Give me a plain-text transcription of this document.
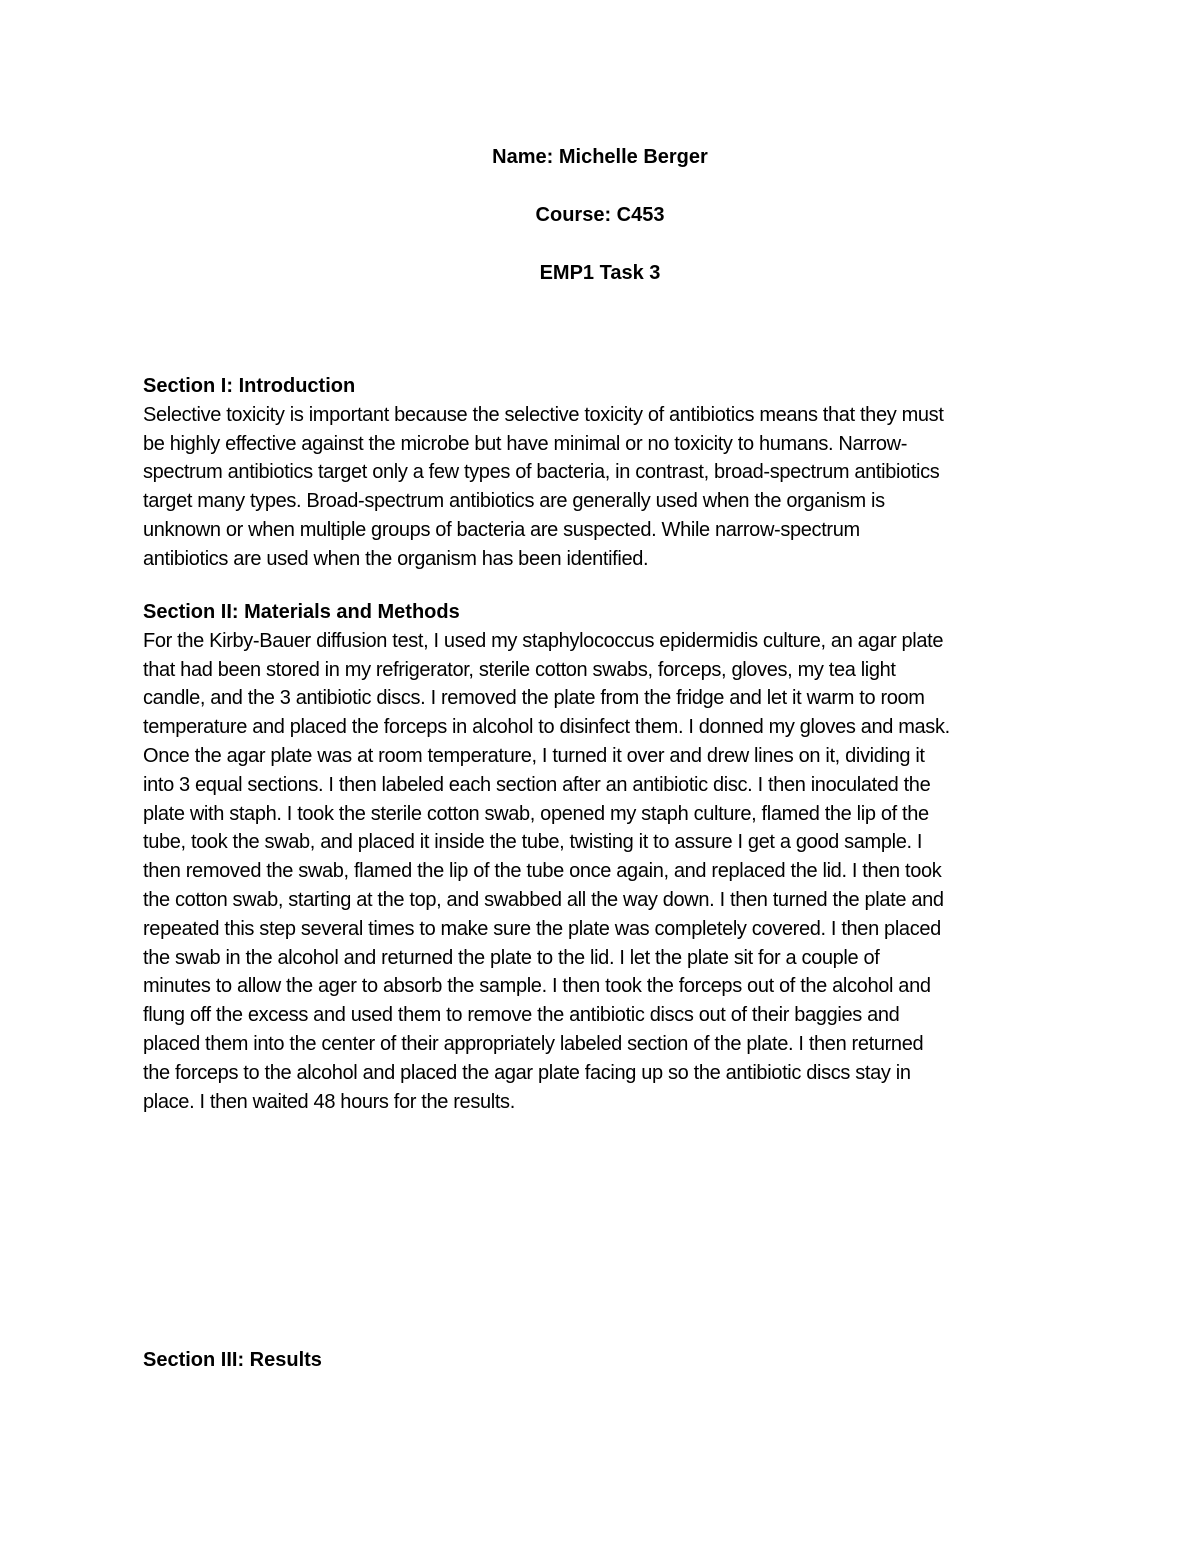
Name: Michelle Berger
Course: C453
EMP1 Task 3

Section I: Introduction

Selective toxicity is important because the selective toxicity of antibiotics means that they must
be highly effective against the microbe but have minimal or no toxicity to humans. Narrow-
spectrum antibiotics target only a few types of bacteria, in contrast, broad-spectrum antibiotics
target many types. Broad-spectrum antibiotics are generally used when the organism is
unknown or when multiple groups of bacteria are suspected. While narrow-spectrum
antibiotics are used when the organism has been identified.

Section II: Materials and Methods

For the Kirby-Bauer diffusion test, I used my staphylococcus epidermidis culture, an agar plate
that had been stored in my refrigerator, sterile cotton swabs, forceps, gloves, my tea light
candle, and the 3 antibiotic discs. I removed the plate from the fridge and let it warm to room
temperature and placed the forceps in alcohol to disinfect them. I donned my gloves and mask.
Once the agar plate was at room temperature, I turned it over and drew lines on it, dividing it
into 3 equal sections. I then labeled each section after an antibiotic disc. I then inoculated the
plate with staph. I took the sterile cotton swab, opened my staph culture, flamed the lip of the
tube, took the swab, and placed it inside the tube, twisting it to assure I get a good sample. I
then removed the swab, flamed the lip of the tube once again, and replaced the lid. I then took
the cotton swab, starting at the top, and swabbed all the way down. I then turned the plate and
repeated this step several times to make sure the plate was completely covered. I then placed
the swab in the alcohol and returned the plate to the lid. I let the plate sit for a couple of
minutes to allow the ager to absorb the sample. I then took the forceps out of the alcohol and
flung off the excess and used them to remove the antibiotic discs out of their baggies and
placed them into the center of their appropriately labeled section of the plate. I then returned
the forceps to the alcohol and placed the agar plate facing up so the antibiotic discs stay in
place. I then waited 48 hours for the results.

Section III: Results
